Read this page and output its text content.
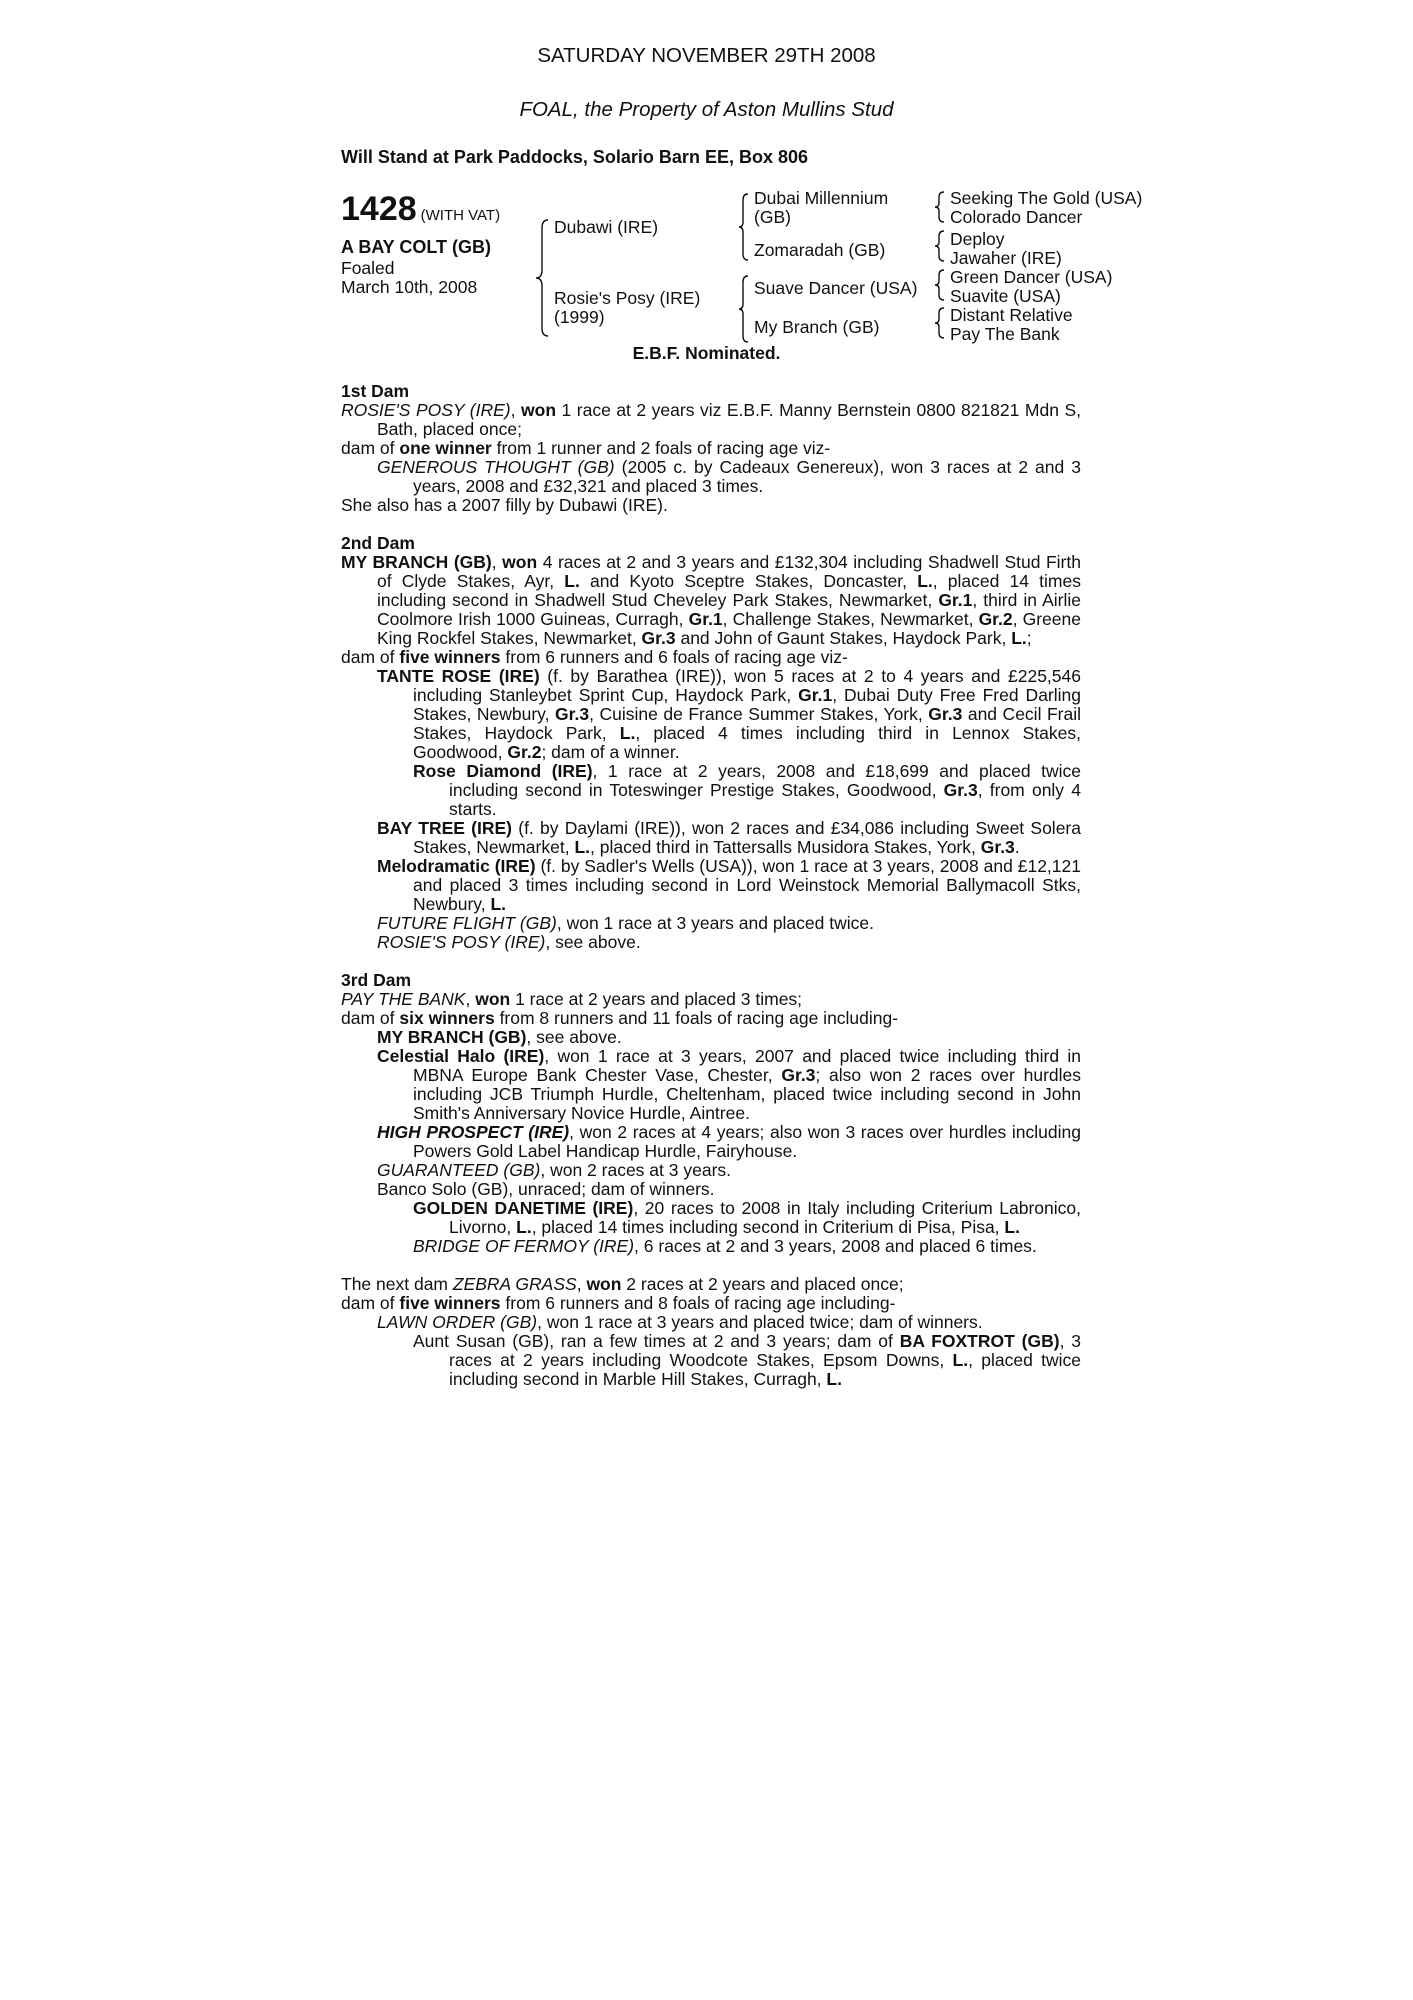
SATURDAY NOVEMBER 29TH 2008
FOAL, the Property of Aston Mullins Stud
Will Stand at Park Paddocks, Solario Barn EE, Box 806
1428 (WITH VAT)
A BAY COLT (GB)
Foaled
March 10th, 2008
Dubawi (IRE)
Rosie's Posy (IRE)
(1999)
Dubai Millennium
(GB)
Zomaradah (GB)
Suave Dancer (USA)
My Branch (GB)
Seeking The Gold (USA)
Colorado Dancer
Deploy
Jawaher (IRE)
Green Dancer (USA)
Suavite (USA)
Distant Relative
Pay The Bank
E.B.F. Nominated.

1st Dam

ROSIE'S POSY (IRE), won 1 race at 2 years viz E.B.F. Manny Bernstein 0800 821821 Mdn S, Bath, placed once;

dam of one winner from 1 runner and 2 foals of racing age viz-

GENEROUS THOUGHT (GB) (2005 c. by Cadeaux Genereux), won 3 races at 2 and 3 years, 2008 and £32,321 and placed 3 times.

She also has a 2007 filly by Dubawi (IRE).

2nd Dam

MY BRANCH (GB), won 4 races at 2 and 3 years and £132,304 including Shadwell Stud Firth of Clyde Stakes, Ayr, L. and Kyoto Sceptre Stakes, Doncaster, L., placed 14 times including second in Shadwell Stud Cheveley Park Stakes, Newmarket, Gr.1, third in Airlie Coolmore Irish 1000 Guineas, Curragh, Gr.1, Challenge Stakes, Newmarket, Gr.2, Greene King Rockfel Stakes, Newmarket, Gr.3 and John of Gaunt Stakes, Haydock Park, L.;

dam of five winners from 6 runners and 6 foals of racing age viz-

TANTE ROSE (IRE) (f. by Barathea (IRE)), won 5 races at 2 to 4 years and £225,546 including Stanleybet Sprint Cup, Haydock Park, Gr.1, Dubai Duty Free Fred Darling Stakes, Newbury, Gr.3, Cuisine de France Summer Stakes, York, Gr.3 and Cecil Frail Stakes, Haydock Park, L., placed 4 times including third in Lennox Stakes, Goodwood, Gr.2; dam of a winner.

Rose Diamond (IRE), 1 race at 2 years, 2008 and £18,699 and placed twice including second in Toteswinger Prestige Stakes, Goodwood, Gr.3, from only 4 starts.

BAY TREE (IRE) (f. by Daylami (IRE)), won 2 races and £34,086 including Sweet Solera Stakes, Newmarket, L., placed third in Tattersalls Musidora Stakes, York, Gr.3.

Melodramatic (IRE) (f. by Sadler's Wells (USA)), won 1 race at 3 years, 2008 and £12,121 and placed 3 times including second in Lord Weinstock Memorial Ballymacoll Stks, Newbury, L.

FUTURE FLIGHT (GB), won 1 race at 3 years and placed twice.

ROSIE'S POSY (IRE), see above.

3rd Dam

PAY THE BANK, won 1 race at 2 years and placed 3 times;

dam of six winners from 8 runners and 11 foals of racing age including-

MY BRANCH (GB), see above.

Celestial Halo (IRE), won 1 race at 3 years, 2007 and placed twice including third in MBNA Europe Bank Chester Vase, Chester, Gr.3; also won 2 races over hurdles including JCB Triumph Hurdle, Cheltenham, placed twice including second in John Smith's Anniversary Novice Hurdle, Aintree.

HIGH PROSPECT (IRE), won 2 races at 4 years; also won 3 races over hurdles including Powers Gold Label Handicap Hurdle, Fairyhouse.

GUARANTEED (GB), won 2 races at 3 years.

Banco Solo (GB), unraced; dam of winners.

GOLDEN DANETIME (IRE), 20 races to 2008 in Italy including Criterium Labronico, Livorno, L., placed 14 times including second in Criterium di Pisa, Pisa, L.

BRIDGE OF FERMOY (IRE), 6 races at 2 and 3 years, 2008 and placed 6 times.

The next dam ZEBRA GRASS, won 2 races at 2 years and placed once;

dam of five winners from 6 runners and 8 foals of racing age including-

LAWN ORDER (GB), won 1 race at 3 years and placed twice; dam of winners.

Aunt Susan (GB), ran a few times at 2 and 3 years; dam of BA FOXTROT (GB), 3 races at 2 years including Woodcote Stakes, Epsom Downs, L., placed twice including second in Marble Hill Stakes, Curragh, L.
